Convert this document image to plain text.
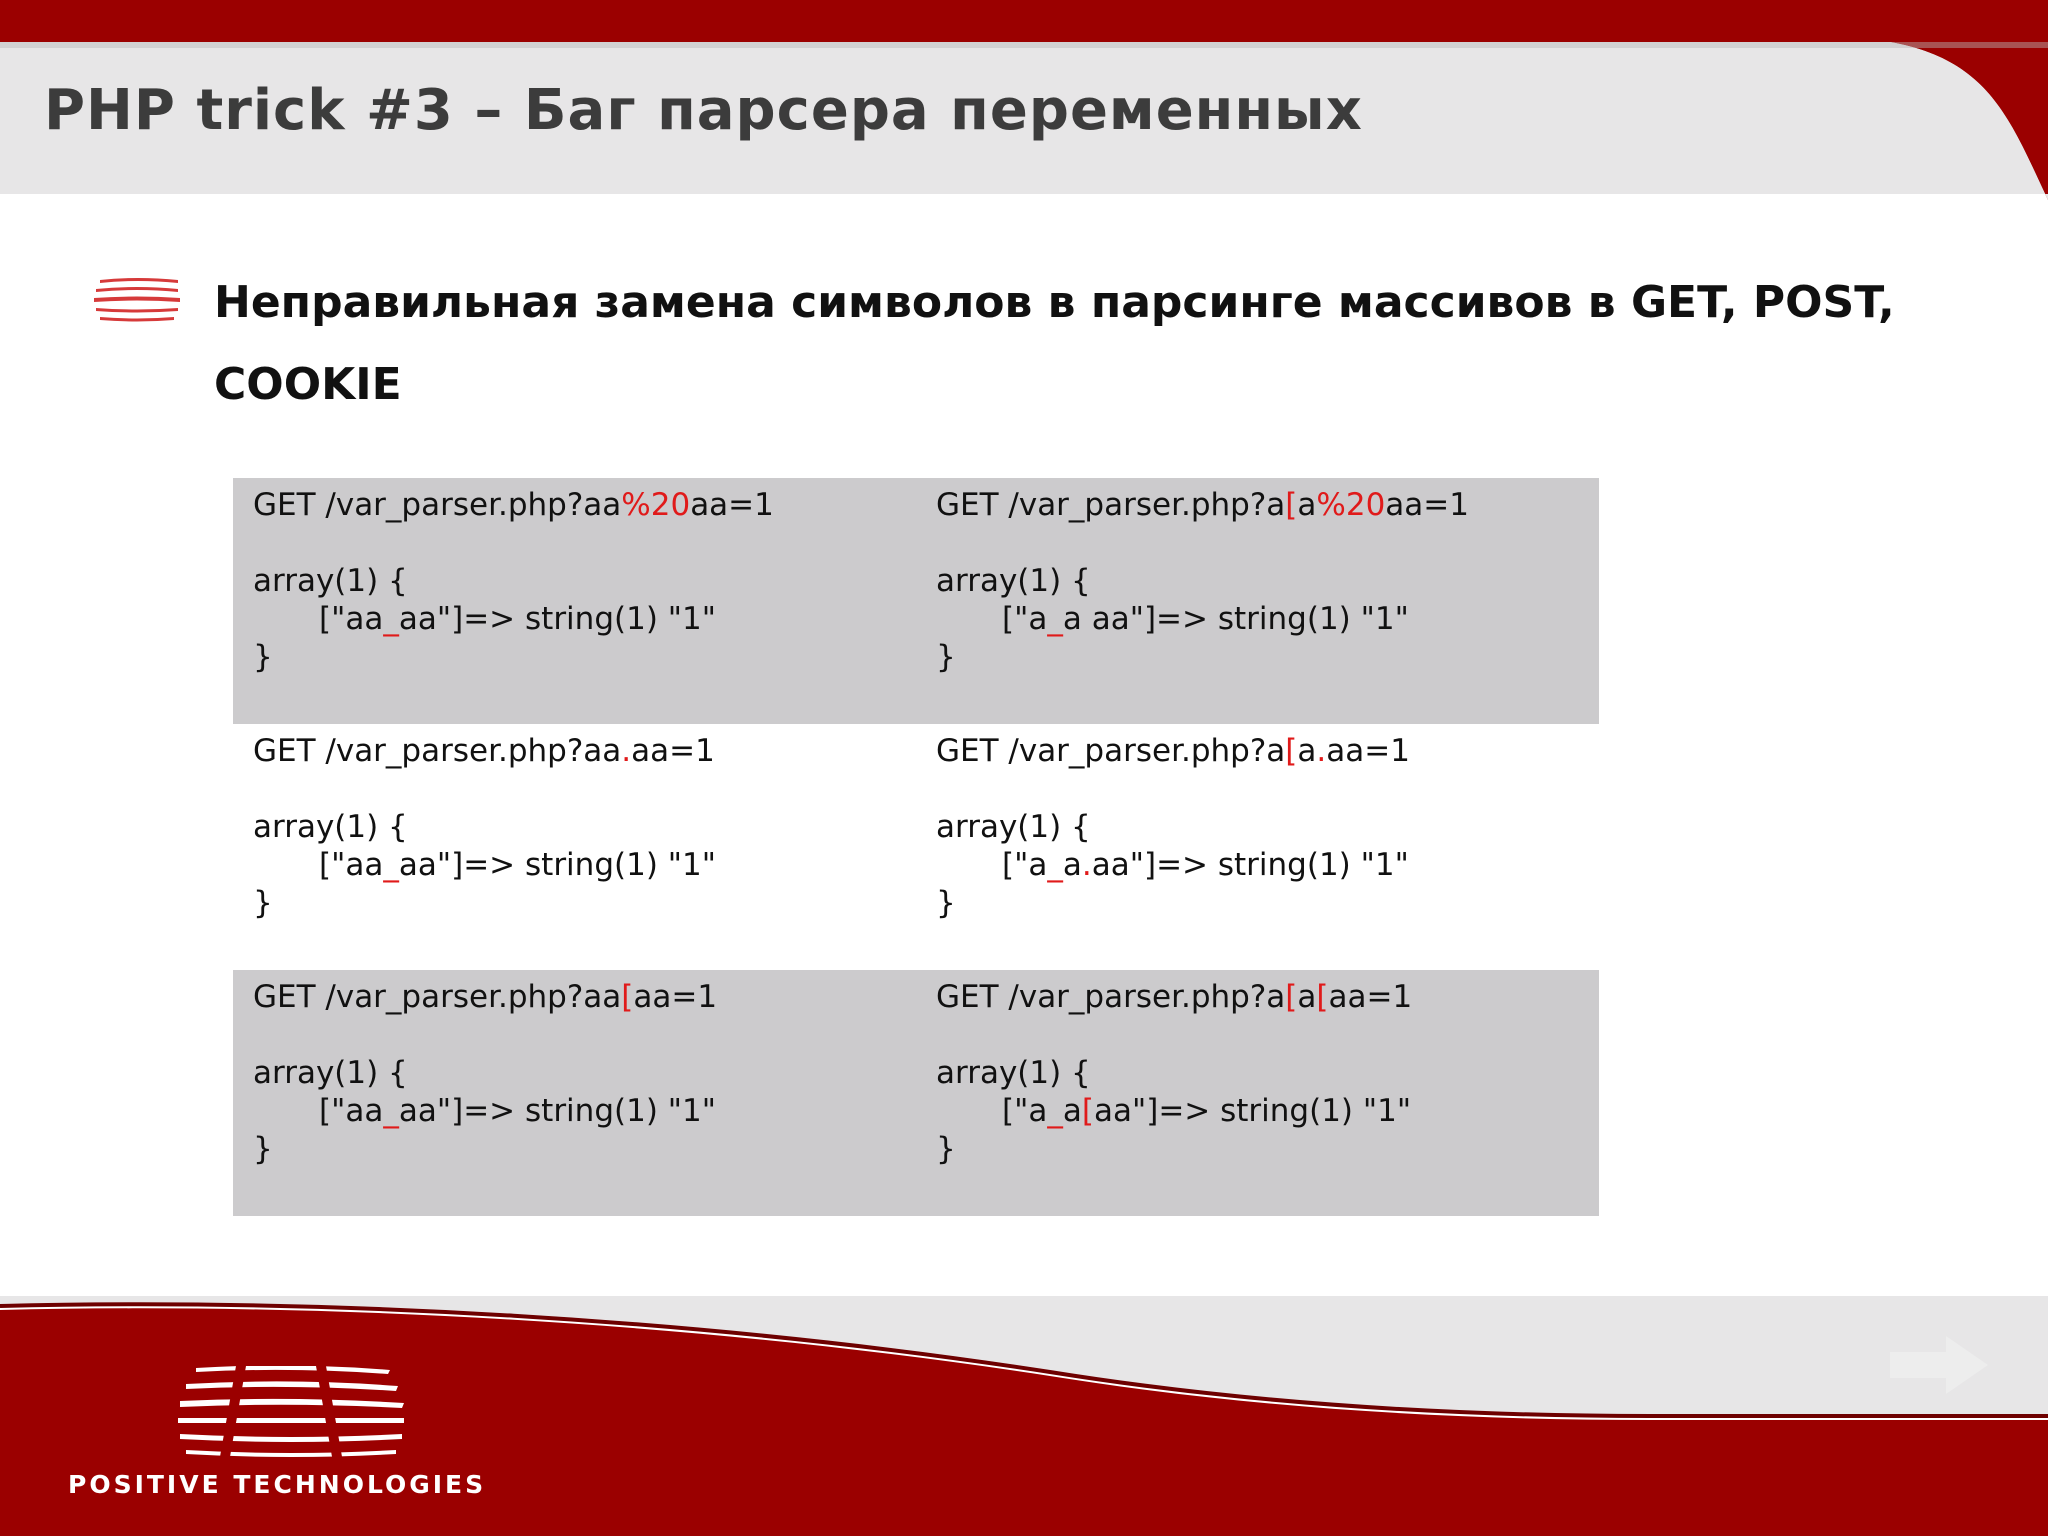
PHP trick #3 – Баг парсера переменных
Неправильная замена символов в парсинге массивов в GET, POST, COOKIE
GET /var_parser.php?aa%20aa=1
array(1) {
["aa_aa"]=> string(1) "1"
}
GET /var_parser.php?a[a%20aa=1
array(1) {
["a_a aa"]=> string(1) "1"
}
GET /var_parser.php?aa.aa=1
array(1) {
["aa_aa"]=> string(1) "1"
}
GET /var_parser.php?a[a.aa=1
array(1) {
["a_a.aa"]=> string(1) "1"
}
GET /var_parser.php?aa[aa=1
array(1) {
["aa_aa"]=> string(1) "1"
}
GET /var_parser.php?a[a[aa=1
array(1) {
["a_a[aa"]=> string(1) "1"
}
POSITIVE TECHNOLOGIES
